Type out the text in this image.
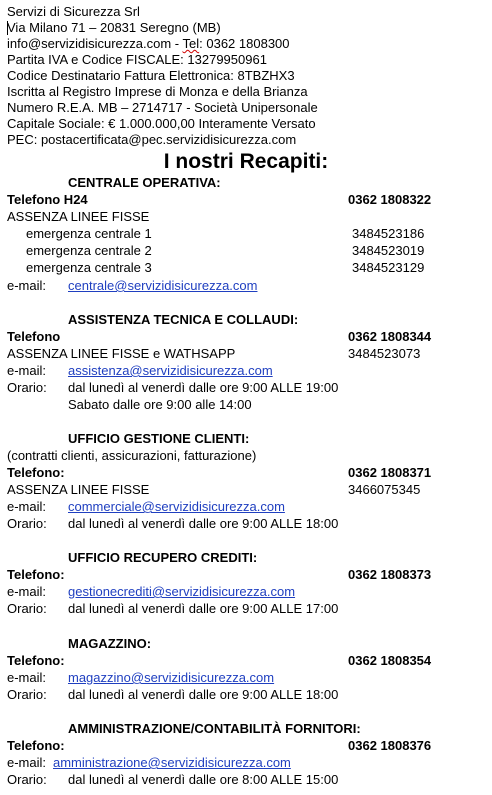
Servizi di Sicurezza Srl
Via Milano 71 – 20831 Seregno (MB)
info@servizidisicurezza.com - Tel: 0362 1808300
Partita IVA e Codice FISCALE: 13279950961
Codice Destinatario Fattura Elettronica: 8TBZHX3
Iscritta al Registro Imprese di Monza e della Brianza
Numero R.E.A. MB – 2714717 - Società Unipersonale
Capitale Sociale: € 1.000.000,00 Interamente Versato
PEC: postacertificata@pec.servizidisicurezza.com
I nostri Recapiti:
CENTRALE OPERATIVA:
Telefono H24	0362 1808322
ASSENZA LINEE FISSE
emergenza centrale 1	3484523186
emergenza centrale 2	3484523019
emergenza centrale 3	3484523129
e-mail: centrale@servizidisicurezza.com
ASSISTENZA TECNICA E COLLAUDI:
Telefono	0362 1808344
ASSENZA LINEE FISSE e WATHSAPP	3484523073
e-mail: assistenza@servizidisicurezza.com
Orario: dal lunedì al venerdì dalle ore 9:00 ALLE 19:00
Sabato dalle ore 9:00 alle 14:00
UFFICIO GESTIONE CLIENTI:
(contratti clienti, assicurazioni, fatturazione)
Telefono:	0362 1808371
ASSENZA LINEE FISSE	3466075345
e-mail: commerciale@servizidisicurezza.com
Orario: dal lunedì al venerdì dalle ore 9:00 ALLE 18:00
UFFICIO RECUPERO CREDITI:
Telefono:	0362 1808373
e-mail: gestionecrediti@servizidisicurezza.com
Orario: dal lunedì al venerdì dalle ore 9:00 ALLE 17:00
MAGAZZINO:
Telefono:	0362 1808354
e-mail: magazzino@servizidisicurezza.com
Orario: dal lunedì al venerdì dalle ore 9:00 ALLE 18:00
AMMINISTRAZIONE/CONTABILITÀ FORNITORI:
Telefono:	0362 1808376
e-mail: amministrazione@servizidisicurezza.com
Orario: dal lunedì al venerdì dalle ore 8:00 ALLE 15:00
